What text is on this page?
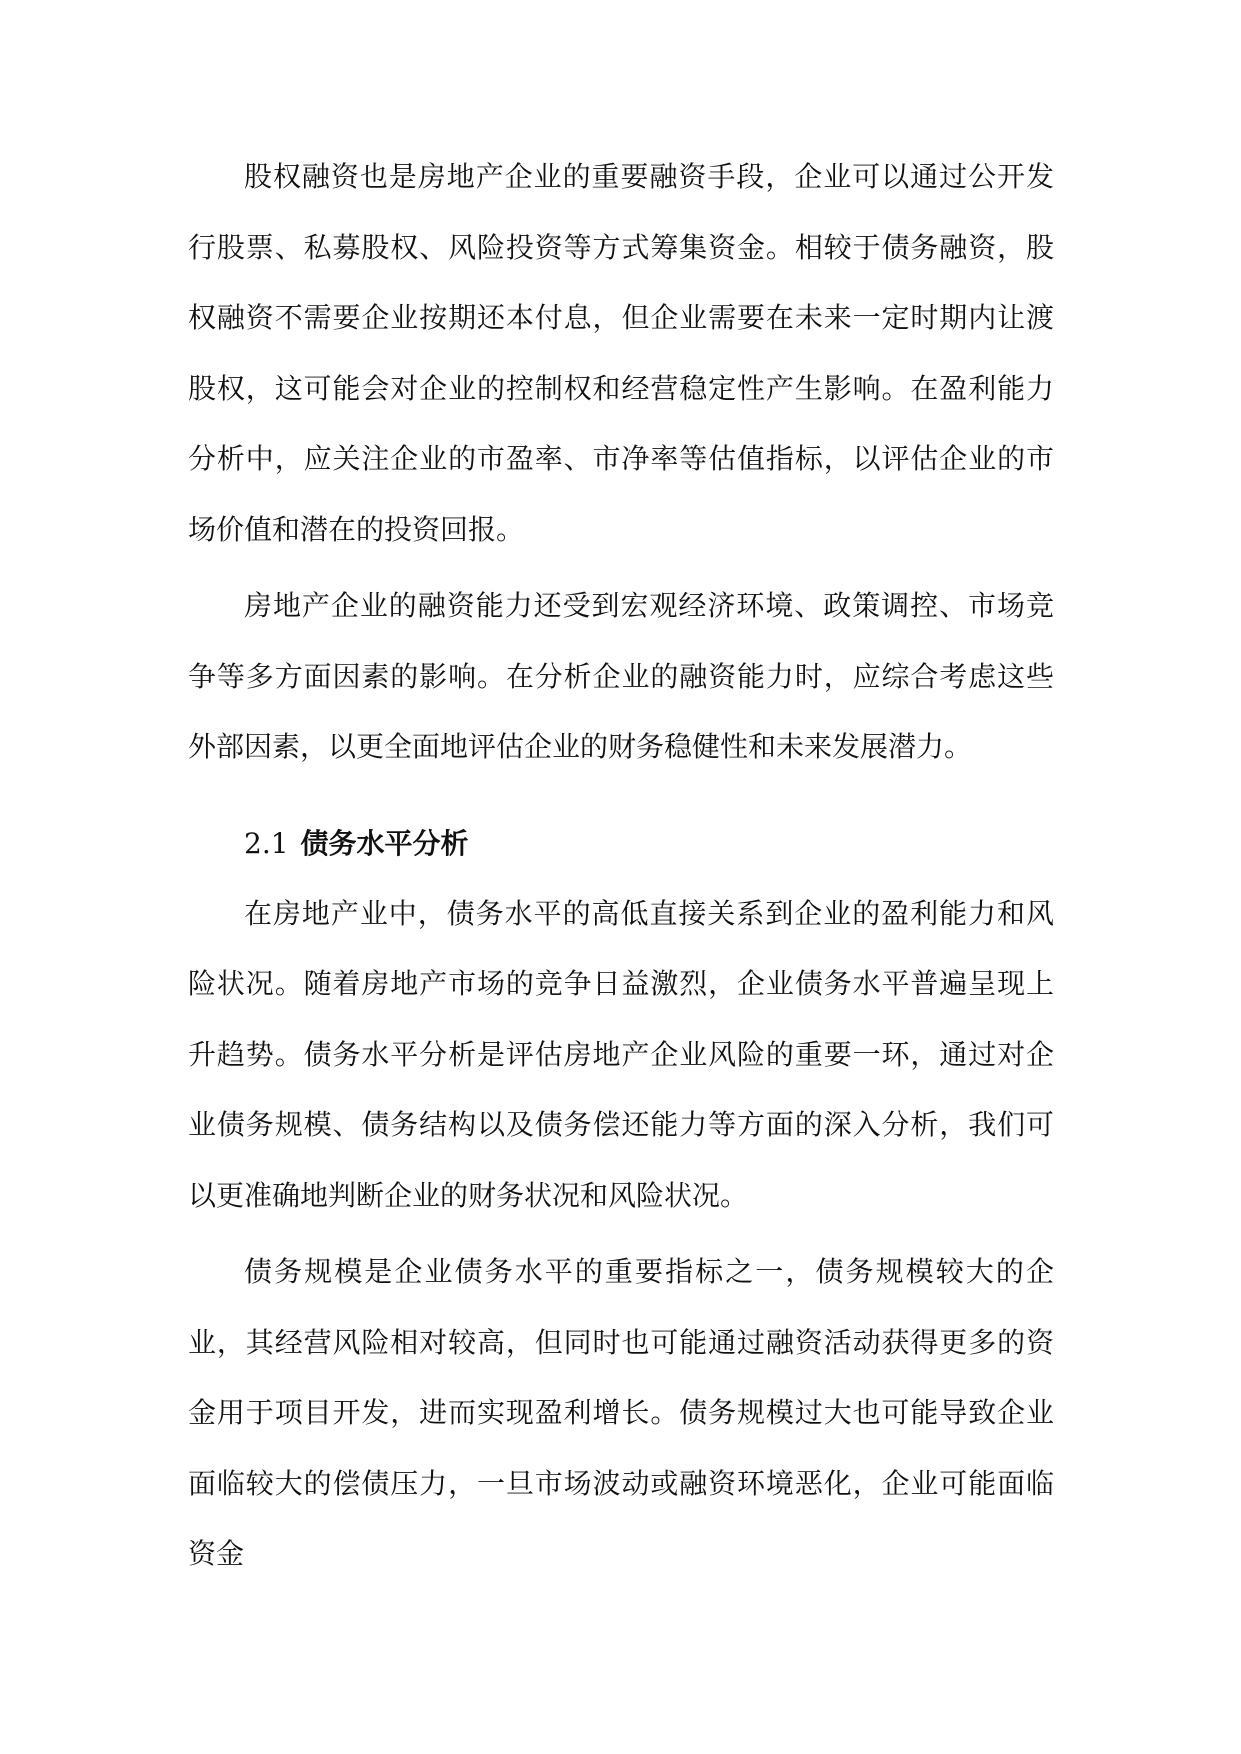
股权融资也是房地产企业的重要融资手段，企业可以通过公开发行股票、私募股权、风险投资等方式筹集资金。相较于债务融资，股权融资不需要企业按期还本付息，但企业需要在未来一定时期内让渡股权，这可能会对企业的控制权和经营稳定性产生影响。在盈利能力分析中，应关注企业的市盈率、市净率等估值指标，以评估企业的市场价值和潜在的投资回报。

房地产企业的融资能力还受到宏观经济环境、政策调控、市场竞争等多方面因素的影响。在分析企业的融资能力时，应综合考虑这些外部因素，以更全面地评估企业的财务稳健性和未来发展潜力。

2.1 债务水平分析

在房地产业中，债务水平的高低直接关系到企业的盈利能力和风险状况。随着房地产市场的竞争日益激烈，企业债务水平普遍呈现上升趋势。债务水平分析是评估房地产企业风险的重要一环，通过对企业债务规模、债务结构以及债务偿还能力等方面的深入分析，我们可以更准确地判断企业的财务状况和风险状况。

债务规模是企业债务水平的重要指标之一，债务规模较大的企业，其经营风险相对较高，但同时也可能通过融资活动获得更多的资金用于项目开发，进而实现盈利增长。债务规模过大也可能导致企业面临较大的偿债压力，一旦市场波动或融资环境恶化，企业可能面临资金
